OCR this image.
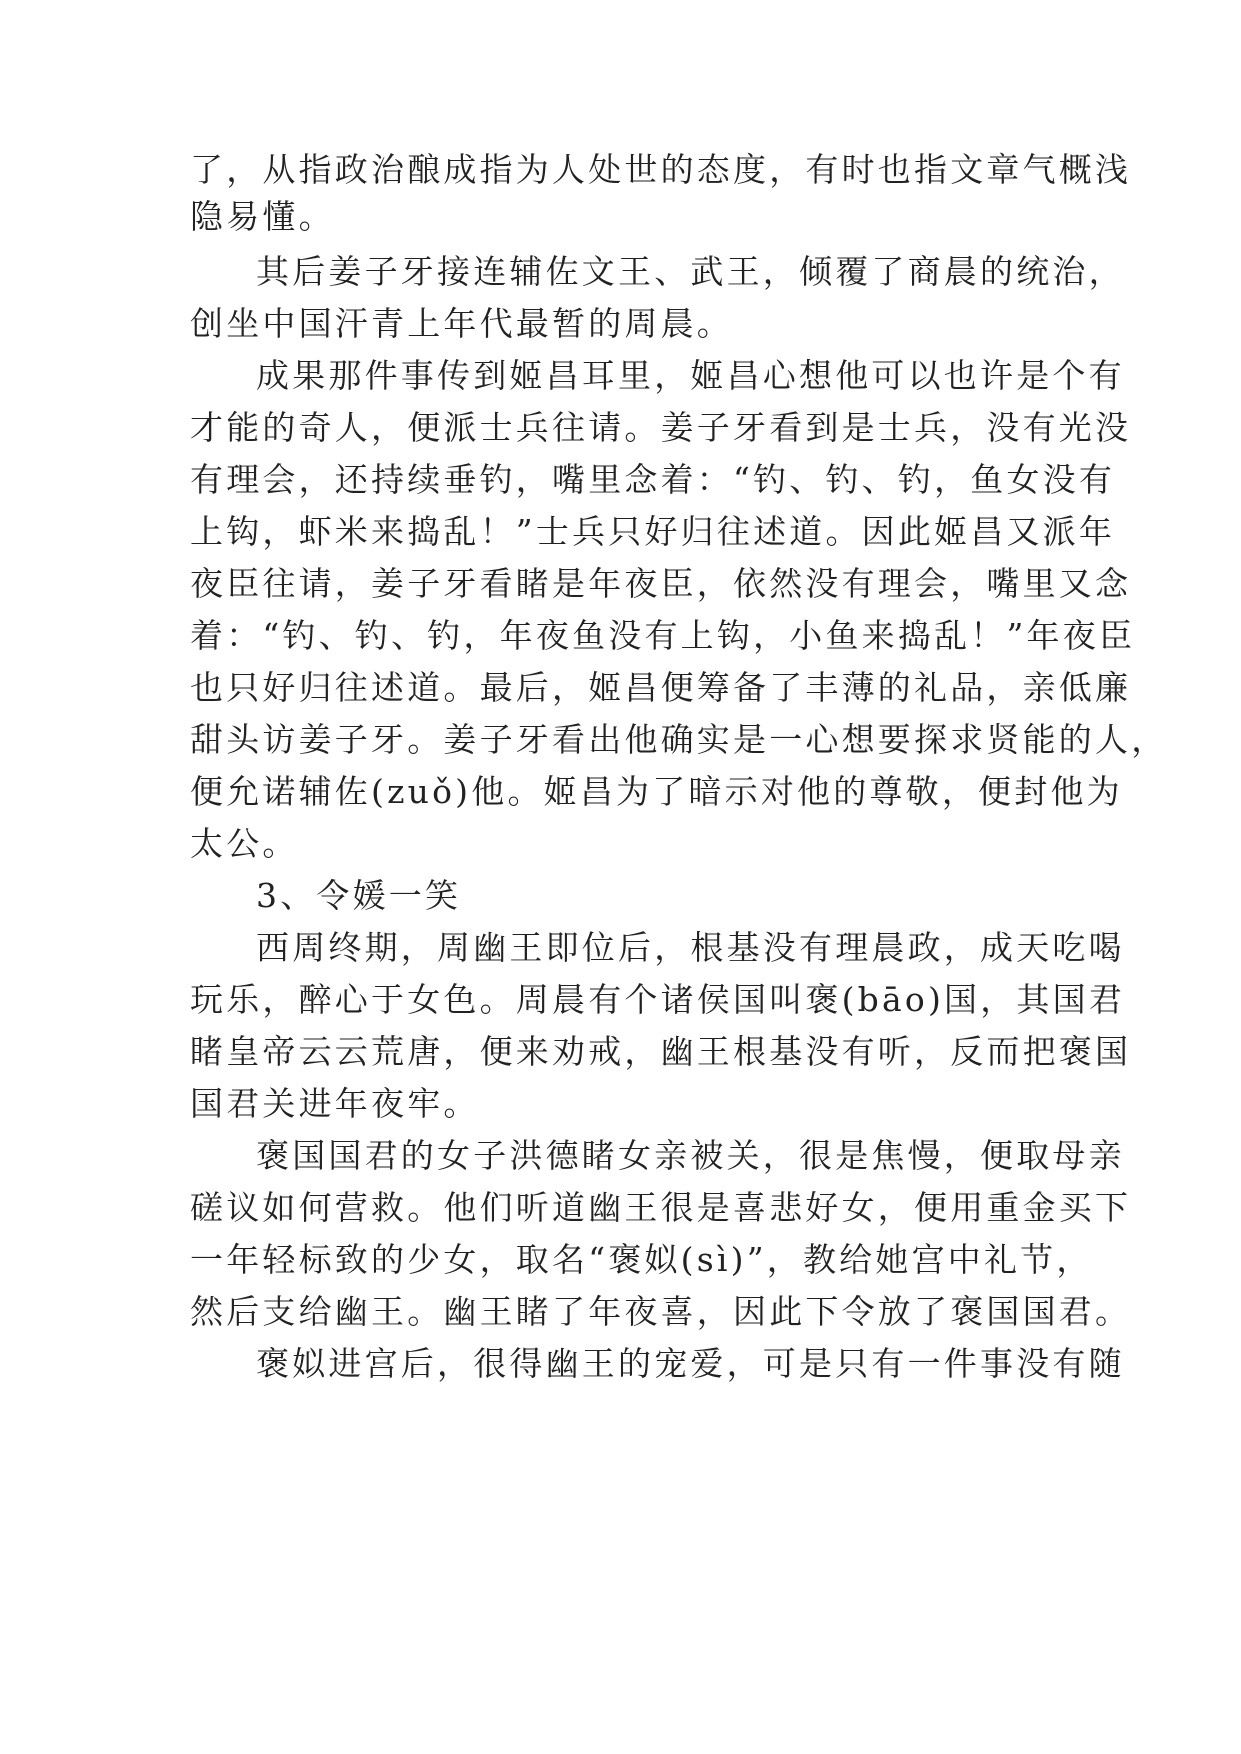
了，从指政治酿成指为人处世的态度，有时也指文章气概浅

隐易懂。

其后姜子牙接连辅佐文王、武王，倾覆了商晨的统治，

创坐中国汗青上年代最暂的周晨。

成果那件事传到姬昌耳里，姬昌心想他可以也许是个有

才能的奇人，便派士兵往请。姜子牙看到是士兵，没有光没

有理会，还持续垂钓，嘴里念着：“钓、钓、钓，鱼女没有

上钩，虾米来捣乱！”士兵只好归往述道。因此姬昌又派年

夜臣往请，姜子牙看睹是年夜臣，依然没有理会，嘴里又念

着：“钓、钓、钓，年夜鱼没有上钩，小鱼来捣乱！”年夜臣

也只好归往述道。最后，姬昌便筹备了丰薄的礼品，亲低廉

甜头访姜子牙。姜子牙看出他确实是一心想要探求贤能的人，

便允诺辅佐(zuǒ)他。姬昌为了暗示对他的尊敬，便封他为

太公。

3、令媛一笑

西周终期，周幽王即位后，根基没有理晨政，成天吃喝

玩乐，醉心于女色。周晨有个诸侯国叫褒(bāo)国，其国君

睹皇帝云云荒唐，便来劝戒，幽王根基没有听，反而把褒国

国君关进年夜牢。

褒国国君的女子洪德睹女亲被关，很是焦慢，便取母亲

磋议如何营救。他们听道幽王很是喜悲好女，便用重金买下

一年轻标致的少女，取名“褒姒(sì)”，教给她宫中礼节，

然后支给幽王。幽王睹了年夜喜，因此下令放了褒国国君。

褒姒进宫后，很得幽王的宠爱，可是只有一件事没有随
